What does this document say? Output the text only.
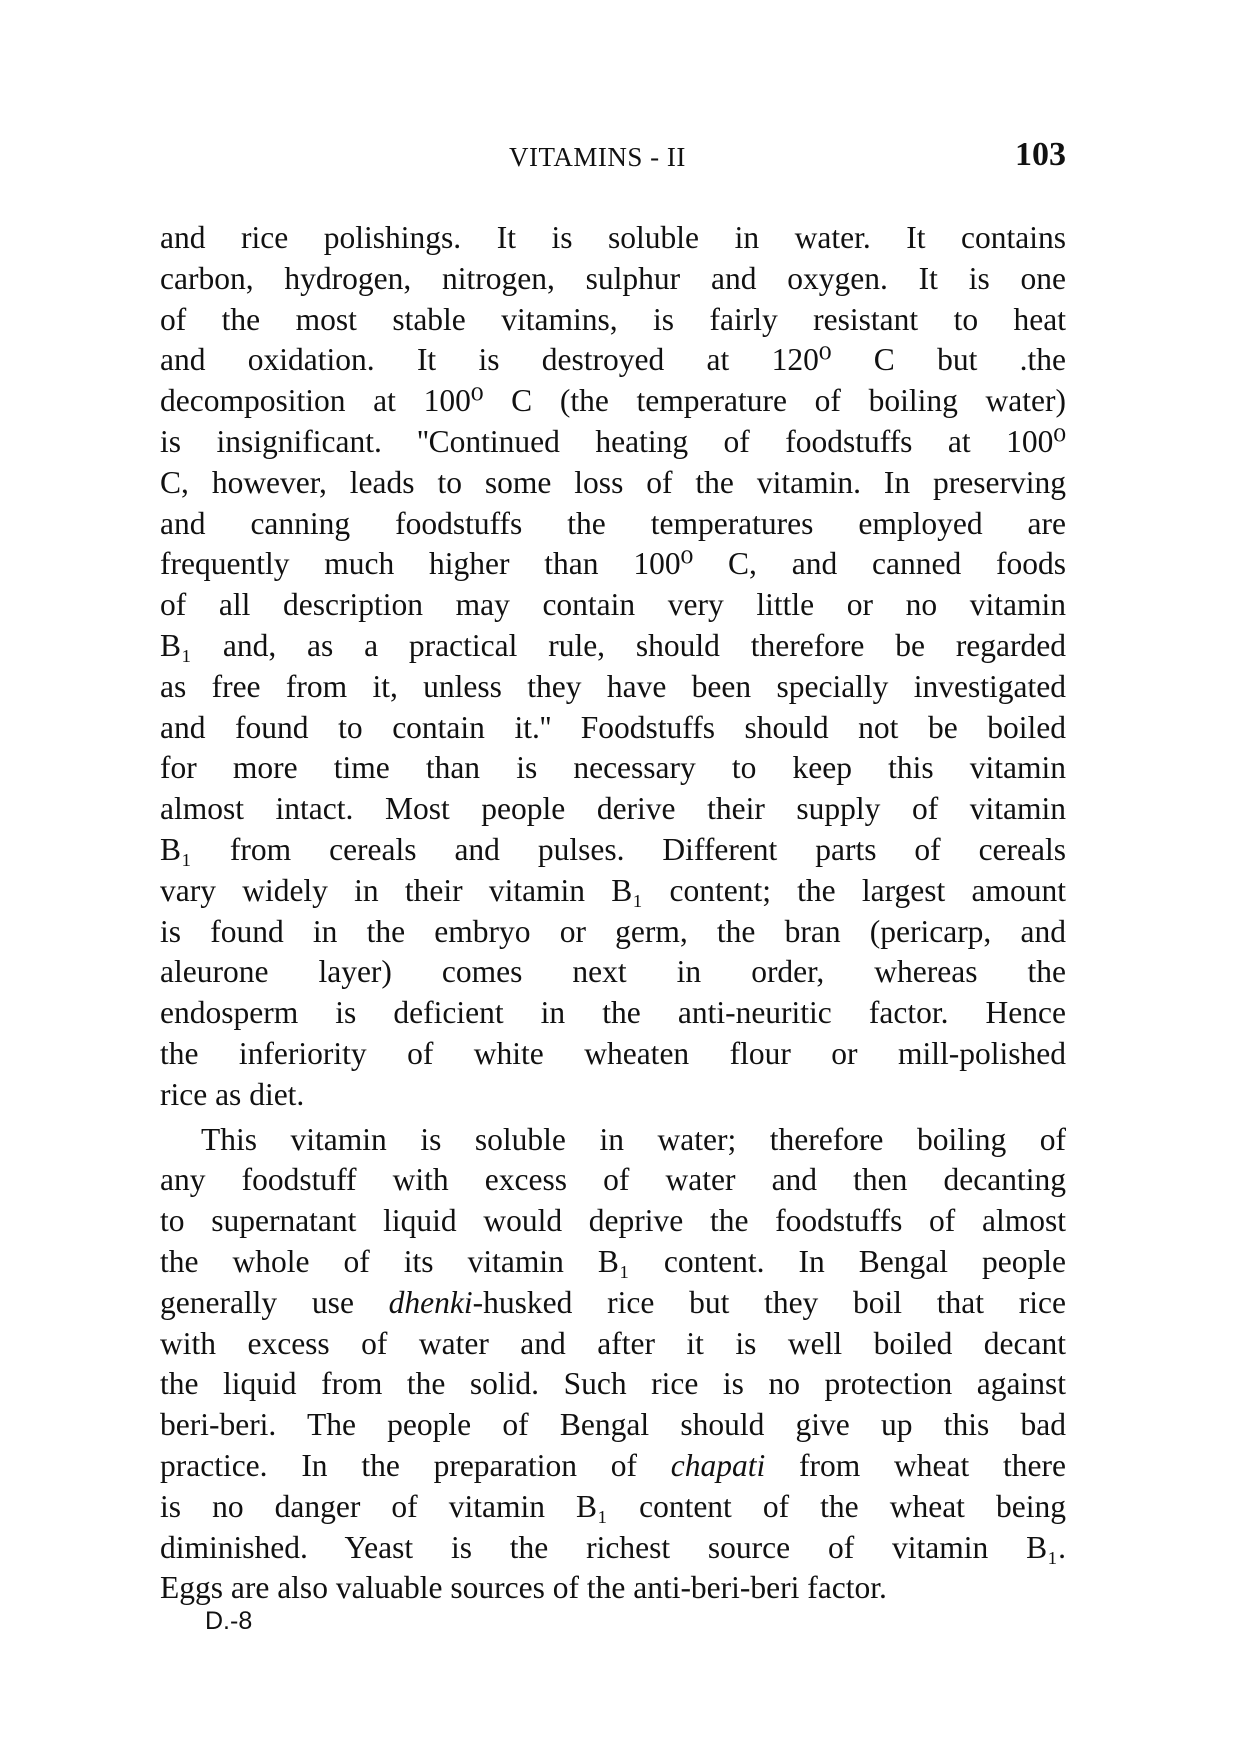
VITAMINS - II	103
and rice polishings. It is soluble in water. It contains
carbon, hydrogen, nitrogen, sulphur and oxygen. It is one
of the most stable vitamins, is fairly resistant to heat
and oxidation. It is destroyed at 120⁰ C but .the
decomposition at 100⁰ C (the temperature of boiling water)
is insignificant. ''Continued heating of foodstuffs at 100⁰
C, however, leads to some loss of the vitamin. In preserving
and canning foodstuffs the temperatures employed are
frequently much higher than 100⁰ C, and canned foods
of all description may contain very little or no vitamin
B₁ and, as a practical rule, should therefore be regarded
as free from it, unless they have been specially investigated
and found to contain it.'' Foodstuffs should not be boiled
for more time than is necessary to keep this vitamin
almost intact. Most people derive their supply of vitamin
B₁ from cereals and pulses. Different parts of cereals
vary widely in their vitamin B₁ content; the largest amount
is found in the embryo or germ, the bran (pericarp, and
aleurone layer) comes next in order, whereas the
endosperm is deficient in the anti-neuritic factor. Hence
the inferiority of white wheaten flour or mill-polished
rice as diet.
This vitamin is soluble in water; therefore boiling of
any foodstuff with excess of water and then decanting
to supernatant liquid would deprive the foodstuffs of almost
the whole of its vitamin B₁ content. In Bengal people
generally use dhenki-husked rice but they boil that rice
with excess of water and after it is well boiled decant
the liquid from the solid. Such rice is no protection against
beri-beri. The people of Bengal should give up this bad
practice. In the preparation of chapati from wheat there
is no danger of vitamin B₁ content of the wheat being
diminished. Yeast is the richest source of vitamin B₁.
Eggs are also valuable sources of the anti-beri-beri factor.
D.-8
